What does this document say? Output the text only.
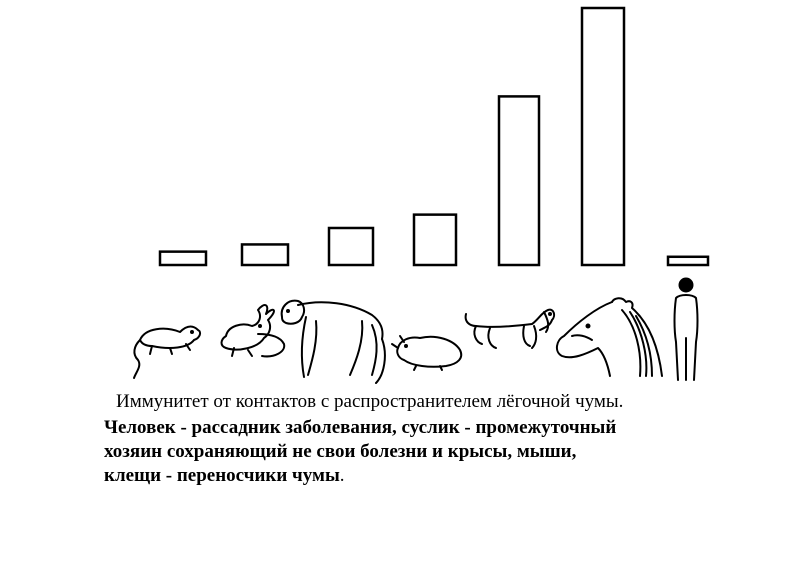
Иммунитет от контактов с распространителем лёгочной чумы.

Человек - рассадник заболевания, суслик - промежуточный
хозяин сохраняющий не свои болезни и крысы, мыши,
клещи - переносчики чумы.
